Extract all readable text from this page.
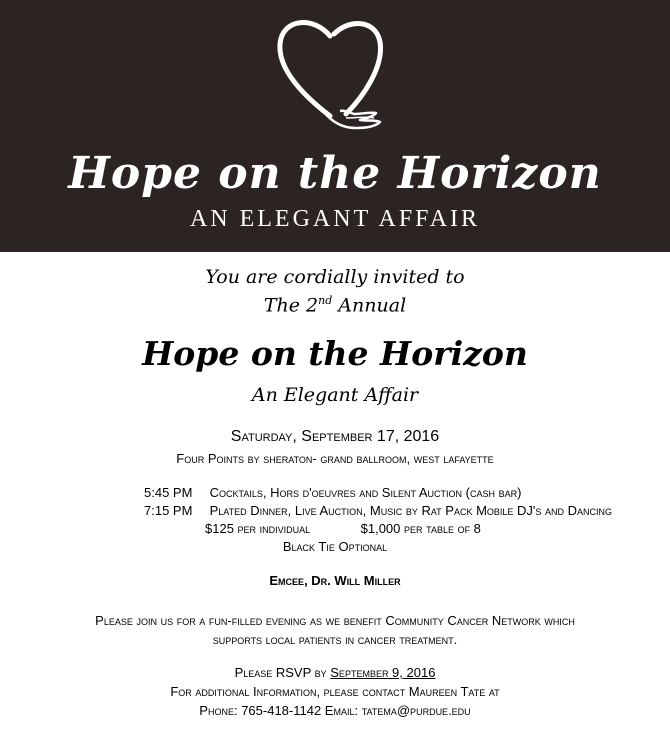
Hope on the Horizon
AN ELEGANT AFFAIR
You are cordially invited to
The 2nd Annual
Hope on the Horizon
An Elegant Affair
Saturday, September 17, 2016
Four Points by sheraton- grand ballroom, west lafayette
5:45 PM Cocktails, Hors d'oeuvres and Silent Auction (cash bar)
7:15 PM Plated Dinner, Live Auction, Music by Rat Pack Mobile DJ's and Dancing
$125 per individual	$1,000 per table of 8
Black Tie Optional
Emcee, Dr. Will Miller
Please join us for a fun-filled evening as we benefit Community Cancer Network which
supports local patients in cancer treatment.
Please RSVP by September 9, 2016
For additional Information, please contact Maureen Tate at
Phone: 765-418-1142 Email: tatema@purdue.edu
